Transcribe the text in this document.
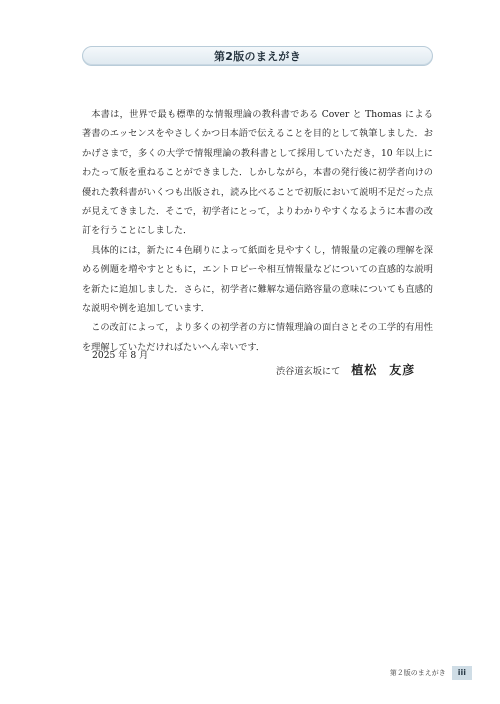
第2版のまえがき

本書は，世界で最も標準的な情報理論の教科書である Cover と Thomas による著書のエッセンスをやさしくかつ日本語で伝えることを目的として執筆しました．おかげさまで，多くの大学で情報理論の教科書として採用していただき，10 年以上にわたって版を重ねることができました．しかしながら，本書の発行後に初学者向けの優れた教科書がいくつも出版され，読み比べることで初版において説明不足だった点が見えてきました．そこで，初学者にとって，よりわかりやすくなるように本書の改訂を行うことにしました．

具体的には，新たに４色刷りによって紙面を見やすくし，情報量の定義の理解を深める例題を増やすとともに，エントロピーや相互情報量などについての直感的な説明を新たに追加しました．さらに，初学者に難解な通信路容量の意味についても直感的な説明や例を追加しています．

この改訂によって，より多くの初学者の方に情報理論の面白さとその工学的有用性を理解していただければたいへん幸いです．

2025 年 8 月
渋谷道玄坂にて 植松 友彦
第２版のまえがき	iii
